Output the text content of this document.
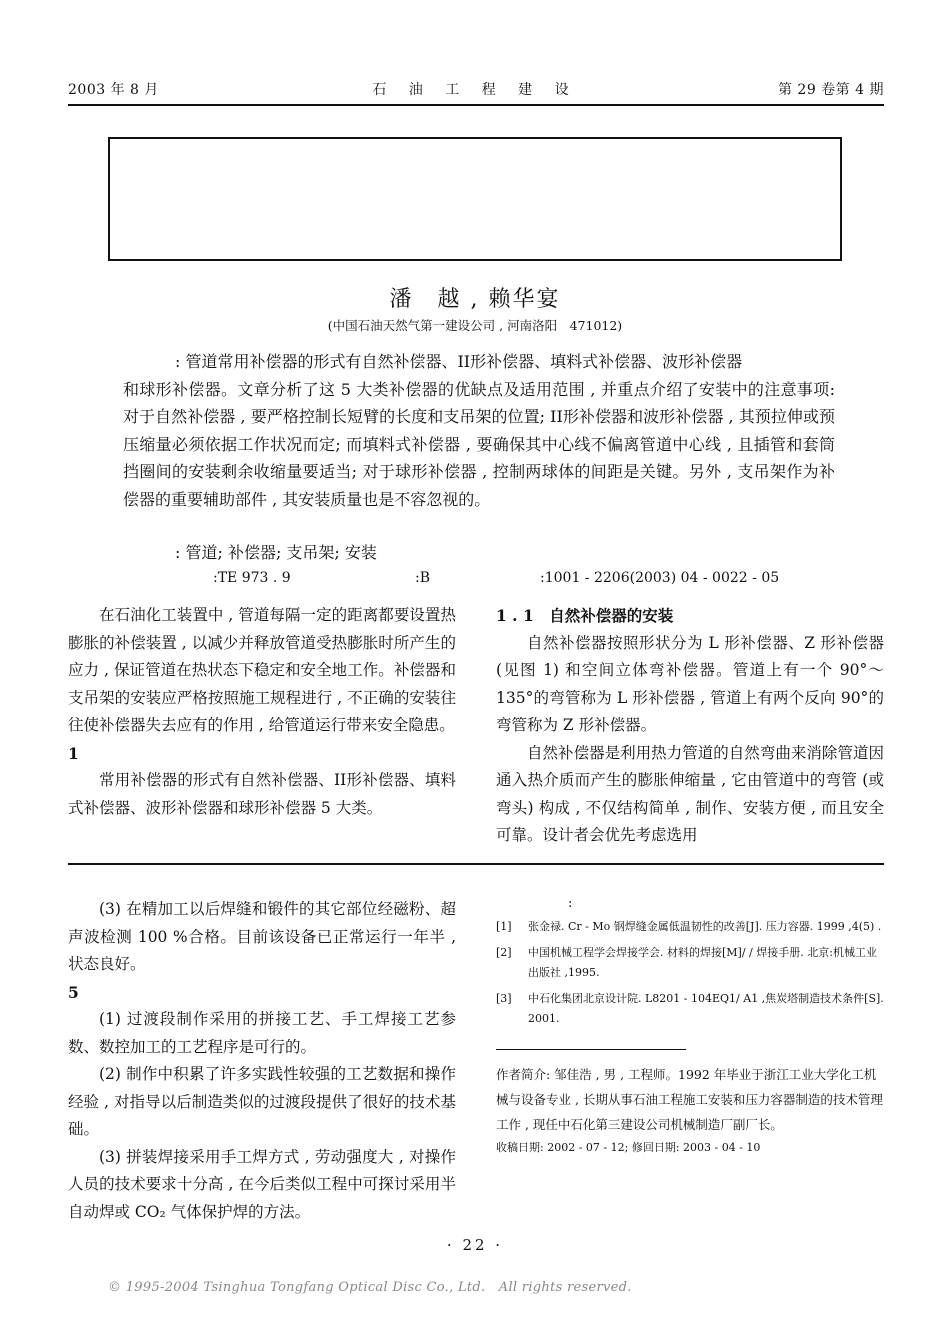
2003 年 8 月	石 油 工 程 建 设	第 29 卷第 4 期
潘　越 , 赖华宴
(中国石油天然气第一建设公司 , 河南洛阳　471012)
: 管道常用补偿器的形式有自然补偿器、II形补偿器、填料式补偿器、波形补偿器
和球形补偿器。文章分析了这 5 大类补偿器的优缺点及适用范围 , 并重点介绍了安装中的注意事项: 对于自然补偿器 , 要严格控制长短臂的长度和支吊架的位置; II形补偿器和波形补偿器 , 其预拉伸或预压缩量必须依据工作状况而定; 而填料式补偿器 , 要确保其中心线不偏离管道中心线 , 且插管和套筒挡圈间的安装剩余收缩量要适当; 对于球形补偿器 , 控制两球体的间距是关键。另外 , 支吊架作为补偿器的重要辅助部件 , 其安装质量也是不容忽视的。
: 管道; 补偿器; 支吊架; 安装
:TE 973 . 9	:B	:1001 - 2206(2003) 04 - 0022 - 05

在石油化工装置中 , 管道每隔一定的距离都要设置热膨胀的补偿装置 , 以减少并释放管道受热膨胀时所产生的应力 , 保证管道在热状态下稳定和安全地工作。补偿器和支吊架的安装应严格按照施工规程进行 , 不正确的安装往往使补偿器失去应有的作用 , 给管道运行带来安全隐患。

1

常用补偿器的形式有自然补偿器、II形补偿器、填料式补偿器、波形补偿器和球形补偿器 5 大类。

1 . 1　自然补偿器的安装

自然补偿器按照形状分为 L 形补偿器、Z 形补偿器 (见图 1) 和空间立体弯补偿器。管道上有一个 90°～135°的弯管称为 L 形补偿器 , 管道上有两个反向 90°的弯管称为 Z 形补偿器。

自然补偿器是利用热力管道的自然弯曲来消除管道因通入热介质而产生的膨胀伸缩量 , 它由管道中的弯管 (或弯头) 构成 , 不仅结构简单 , 制作、安装方便 , 而且安全可靠。设计者会优先考虑选用

(3) 在精加工以后焊缝和锻件的其它部位经磁粉、超声波检测 100 %合格。目前该设备已正常运行一年半 , 状态良好。

5

(1) 过渡段制作采用的拼接工艺、手工焊接工艺参数、数控加工的工艺程序是可行的。

(2) 制作中积累了许多实践性较强的工艺数据和操作经验 , 对指导以后制造类似的过渡段提供了很好的技术基础。

(3) 拼装焊接采用手工焊方式 , 劳动强度大 , 对操作人员的技术要求十分高 , 在今后类似工程中可探讨采用半自动焊或 CO₂ 气体保护焊的方法。

:
[1] 张金禄. Cr - Mo 钢焊缝金属低温韧性的改善[J]. 压力容器. 1999 ,4(5) .
[2] 中国机械工程学会焊接学会. 材料的焊接[M]/ / 焊接手册. 北京:机械工业出版社 ,1995.
[3] 中石化集团北京设计院. L8201 - 104EQ1/ A1 ,焦炭塔制造技术条件[S]. 2001.

作者简介: 邹佳浩 , 男 , 工程师。1992 年毕业于浙江工业大学化工机械与设备专业 , 长期从事石油工程施工安装和压力容器制造的技术管理工作 , 现任中石化第三建设公司机械制造厂副厂长。

收稿日期: 2002 - 07 - 12; 修回日期: 2003 - 04 - 10

· 22 ·
© 1995-2004 Tsinghua Tongfang Optical Disc Co., Ltd.　All rights reserved.
